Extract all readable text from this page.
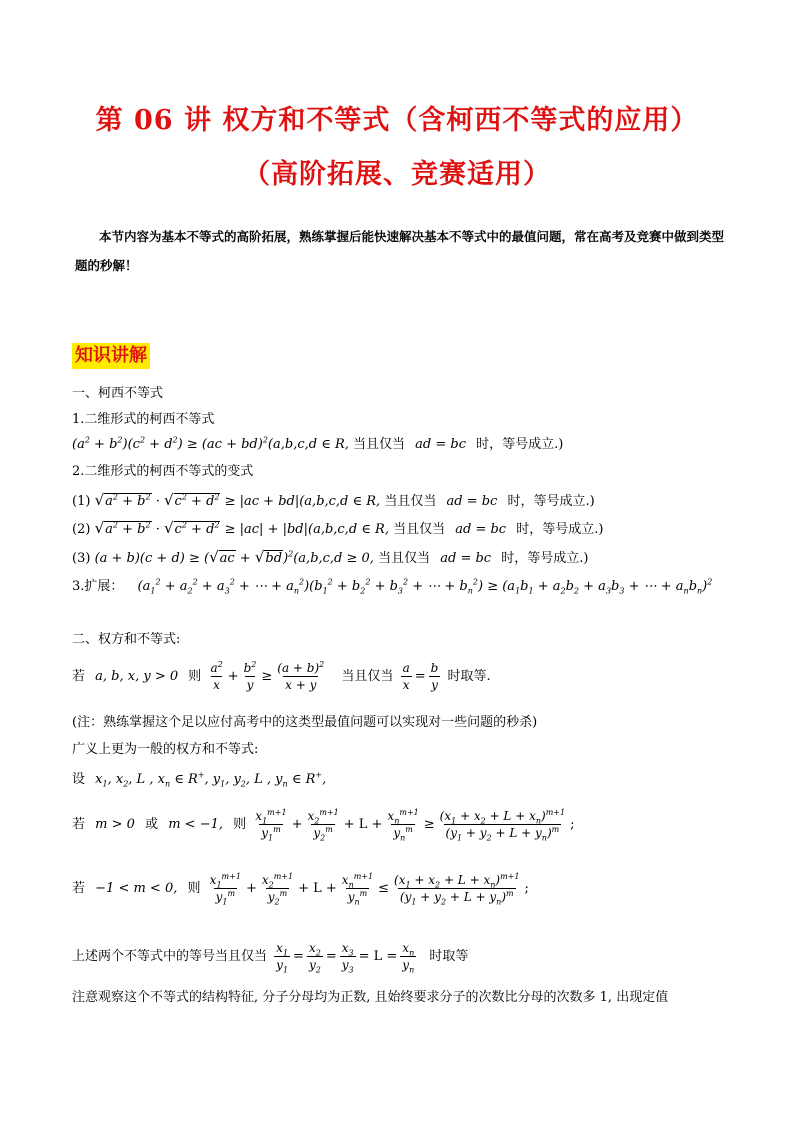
第 06 讲 权方和不等式（含柯西不等式的应用）
（高阶拓展、竞赛适用）
本节内容为基本不等式的高阶拓展，熟练掌握后能快速解决基本不等式中的最值问题，常在高考及竞赛中做到类型题的秒解！
知识讲解
一、柯西不等式
1.二维形式的柯西不等式
$(a^2 + b^2)(c^2 + d^2) \ge (ac + bd)^2(a,b,c,d$ ∈ R, 当且仅当 ad = bc 时，等号成立.)
2.二维形式的柯西不等式的变式
(1) $√a^2 + b^2 \cdot √c^2 + d^2 \ge |ac + bd|(a,b,c,d$ ∈ R, 当且仅当 ad = bc 时，等号成立.)
(2) $√a^2 + b^2 \cdot √c^2 + d^2 \ge |ac| + |bd|(a,b,c,d$ ∈ R, 当且仅当 ad = bc 时，等号成立.)
(3) $(a + b)(c + d) \ge (√ac + √bd)^2(a,b,c,d \ge 0$, 当且仅当 ad = bc 时，等号成立.)
3.扩展： ($a_1^2 + a_2^2 + a_3^2$ + ⋯ + $a_n^2)(b_1^2 + b_2^2 + b_3^2$ + ⋯ + $b_n^2) \ge (a_1b_1 + a_2b_2 + a_3b_3$ + ⋯ + $a_nb_n)^2$
二、权方和不等式:
若 a, b, x, y > 0 则 $\frac{a^2}{x} + \frac{b^2}{y} \ge \frac{(a + b)^2}{x + y}$ 当且仅当 $\frac{a}{x} = \frac{b}{y}$ 时取等.
(注：熟练掌握这个足以应付高考中的这类型最值问题可以实现对一些问题的秒杀)
广义上更为一般的权方和不等式:
设 $x_1$, $x_2$, L , $x_n$ ∈ R+, $y_1$, $y_2$, L , $y_n$ ∈ R+,
若 m > 0 或 m < −1, 则 $\frac{x_1^{m+1}}{y_1^m} + \frac{x_2^{m+1}}{y_2^m} + L + \frac{x_n^{m+1}}{y_n^m} \ge \frac{(x_1 + x_2 + L + x_n)^{m+1}}{(y_1 + y_2 + L + y_n)^m}$ ;
若 −1 < m < 0, 则 $\frac{x_1^{m+1}}{y_1^m} + \frac{x_2^{m+1}}{y_2^m} + L + \frac{x_n^{m+1}}{y_n^m} \le \frac{(x_1 + x_2 + L + x_n)^{m+1}}{(y_1 + y_2 + L + y_n)^m}$ ;
上述两个不等式中的等号当且仅当 $\frac{x_1}{y_1} = \frac{x_2}{y_2} = \frac{x_3}{y_3} = L = \frac{x_n}{y_n}$ 时取等
注意观察这个不等式的结构特征, 分子分母均为正数, 且始终要求分子的次数比分母的次数多 1, 出现定值
